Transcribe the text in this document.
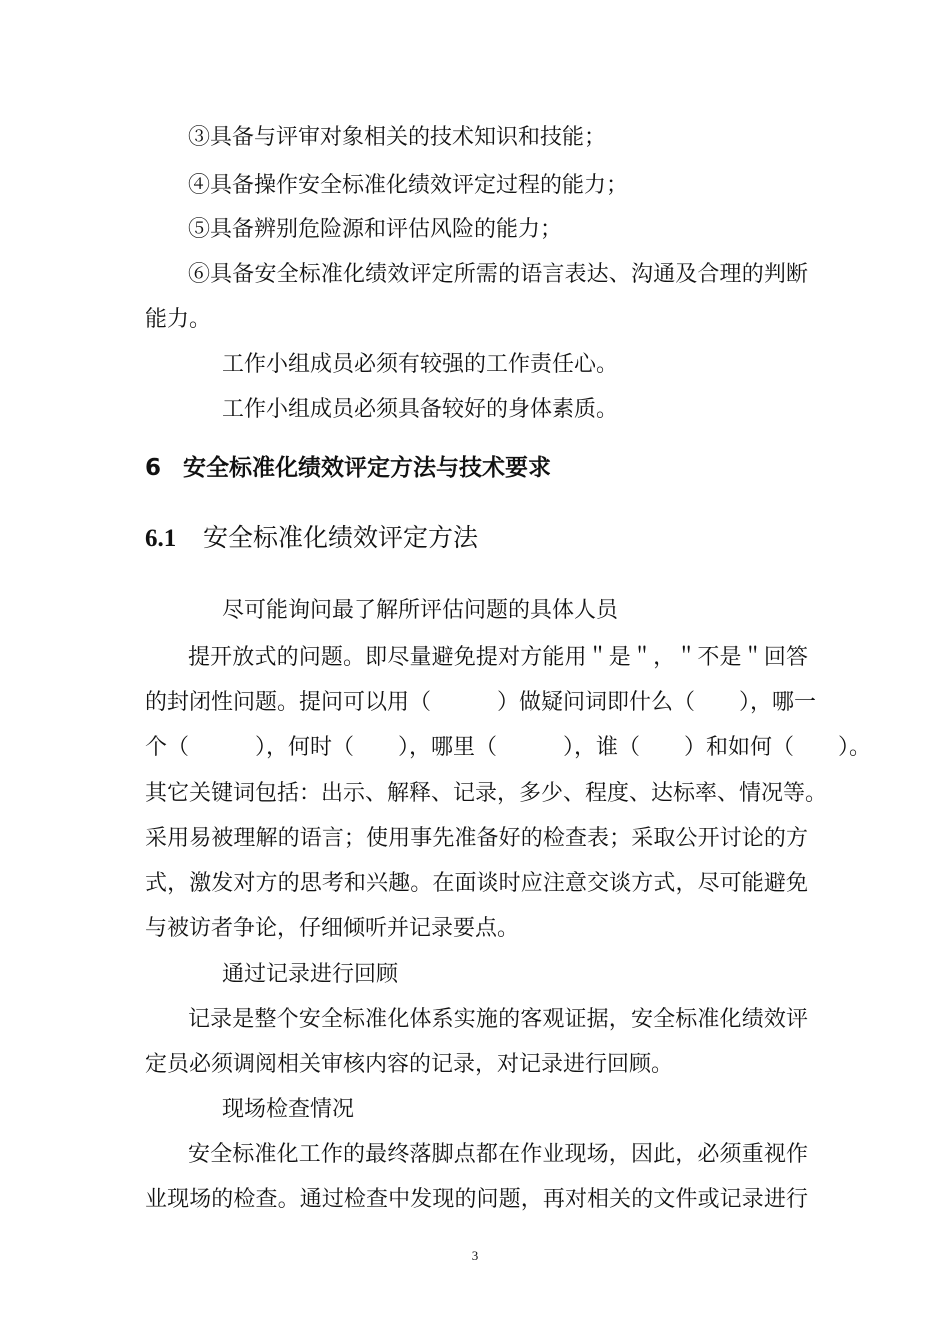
③具备与评审对象相关的技术知识和技能；
④具备操作安全标准化绩效评定过程的能力；
⑤具备辨别危险源和评估风险的能力；
⑥具备安全标准化绩效评定所需的语言表达、沟通及合理的判断
能力。
工作小组成员必须有较强的工作责任心。
工作小组成员必须具备较好的身体素质。
6 安全标准化绩效评定方法与技术要求
6.1 安全标准化绩效评定方法
尽可能询问最了解所评估问题的具体人员
提开放式的问题。即尽量避免提对方能用＂是＂，＂不是＂回答
的封闭性问题。提问可以用（　　　）做疑问词即什么（　　），哪一
个（　　　），何时（　　），哪里（　　　），谁（　　）和如何（　　）。
其它关键词包括：出示、解释、记录，多少、程度、达标率、情况等。
采用易被理解的语言；使用事先准备好的检查表；采取公开讨论的方
式，激发对方的思考和兴趣。在面谈时应注意交谈方式，尽可能避免
与被访者争论，仔细倾听并记录要点。
通过记录进行回顾
记录是整个安全标准化体系实施的客观证据，安全标准化绩效评
定员必须调阅相关审核内容的记录，对记录进行回顾。
现场检查情况
安全标准化工作的最终落脚点都在作业现场，因此，必须重视作
业现场的检查。通过检查中发现的问题，再对相关的文件或记录进行
3
